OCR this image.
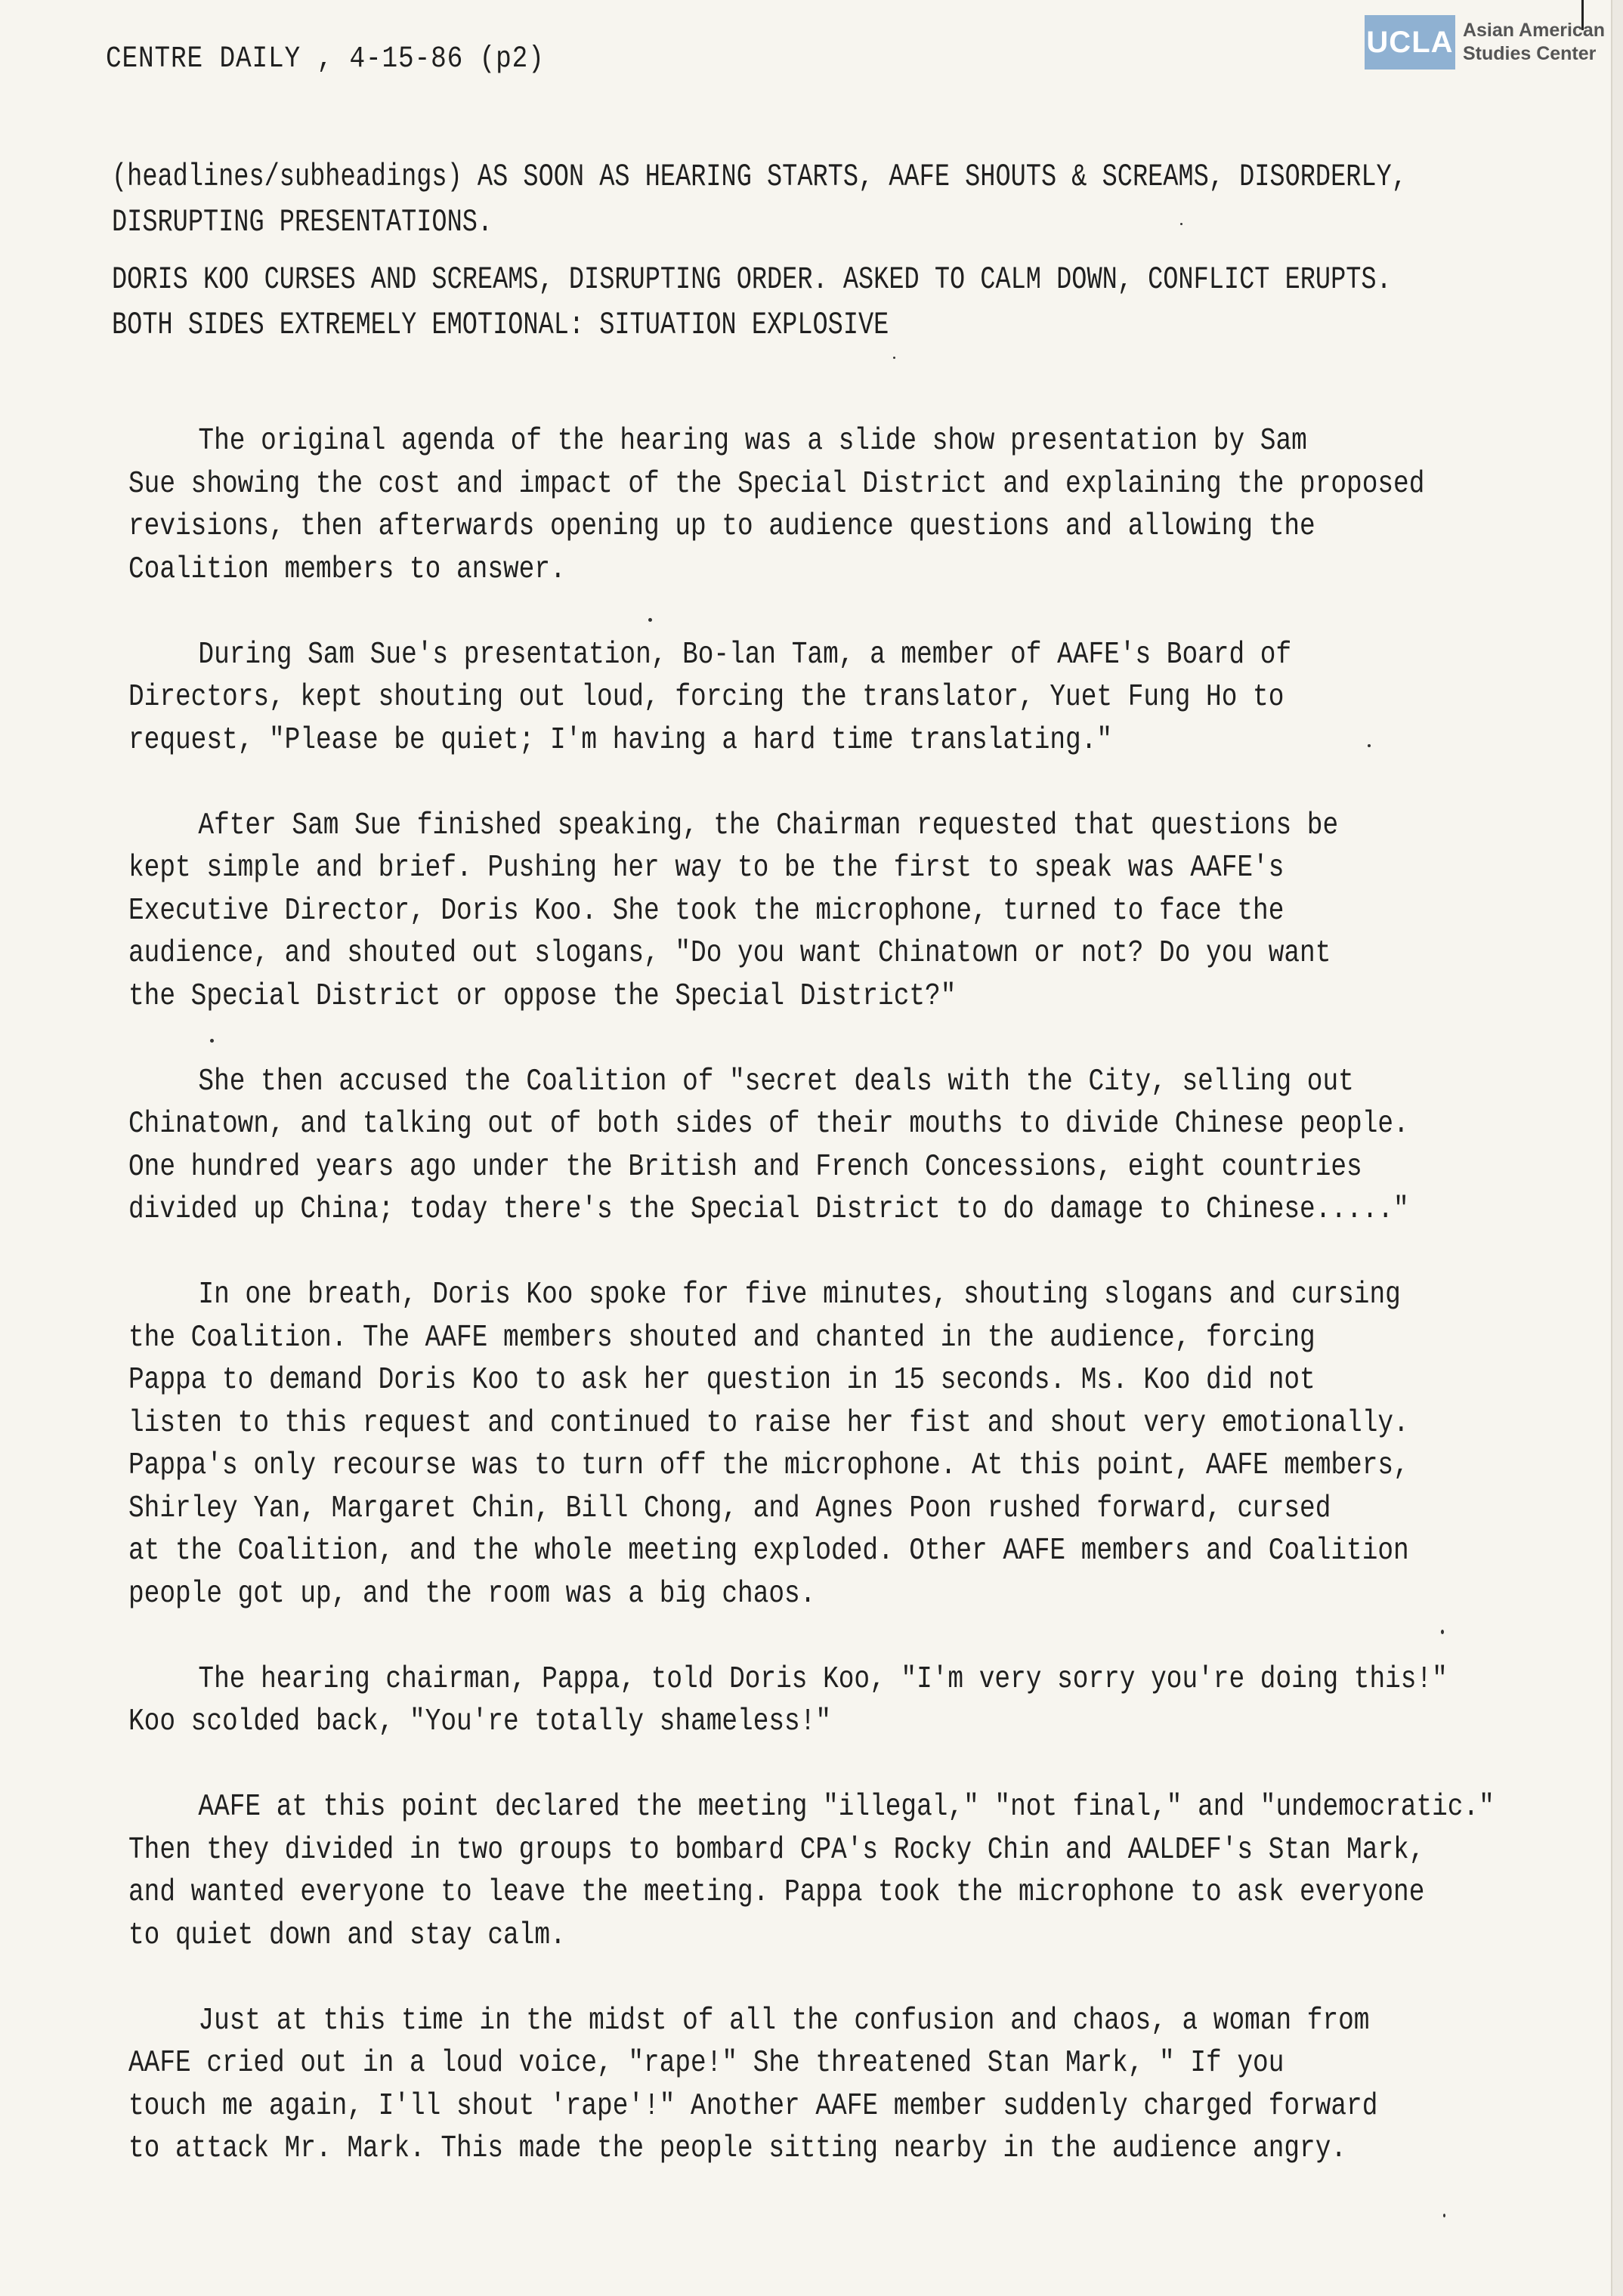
CENTRE DAILY , 4-15-86 (p2)
UCLA Asian American
Studies Center

(headlines/subheadings) AS SOON AS HEARING STARTS, AAFE SHOUTS & SCREAMS, DISORDERLY,

DISRUPTING PRESENTATIONS.

DORIS KOO CURSES AND SCREAMS, DISRUPTING ORDER. ASKED TO CALM DOWN, CONFLICT ERUPTS.

BOTH SIDES EXTREMELY EMOTIONAL: SITUATION EXPLOSIVE

The original agenda of the hearing was a slide show presentation by Sam
Sue showing the cost and impact of the Special District and explaining the proposed
revisions, then afterwards opening up to audience questions and allowing the
Coalition members to answer.
During Sam Sue's presentation, Bo-lan Tam, a member of AAFE's Board of
Directors, kept shouting out loud, forcing the translator, Yuet Fung Ho to
request, "Please be quiet; I'm having a hard time translating."
After Sam Sue finished speaking, the Chairman requested that questions be
kept simple and brief. Pushing her way to be the first to speak was AAFE's
Executive Director, Doris Koo. She took the microphone, turned to face the
audience, and shouted out slogans, "Do you want Chinatown or not? Do you want
the Special District or oppose the Special District?"
She then accused the Coalition of "secret deals with the City, selling out
Chinatown, and talking out of both sides of their mouths to divide Chinese people.
One hundred years ago under the British and French Concessions, eight countries
divided up China; today there's the Special District to do damage to Chinese....."
In one breath, Doris Koo spoke for five minutes, shouting slogans and cursing
the Coalition. The AAFE members shouted and chanted in the audience, forcing
Pappa to demand Doris Koo to ask her question in 15 seconds. Ms. Koo did not
listen to this request and continued to raise her fist and shout very emotionally.
Pappa's only recourse was to turn off the microphone. At this point, AAFE members,
Shirley Yan, Margaret Chin, Bill Chong, and Agnes Poon rushed forward, cursed
at the Coalition, and the whole meeting exploded. Other AAFE members and Coalition
people got up, and the room was a big chaos.
The hearing chairman, Pappa, told Doris Koo, "I'm very sorry you're doing this!"
Koo scolded back, "You're totally shameless!"
AAFE at this point declared the meeting "illegal," "not final," and "undemocratic."
Then they divided in two groups to bombard CPA's Rocky Chin and AALDEF's Stan Mark,
and wanted everyone to leave the meeting. Pappa took the microphone to ask everyone
to quiet down and stay calm.
Just at this time in the midst of all the confusion and chaos, a woman from
AAFE cried out in a loud voice, "rape!" She threatened Stan Mark, " If you
touch me again, I'll shout 'rape'!" Another AAFE member suddenly charged forward
to attack Mr. Mark. This made the people sitting nearby in the audience angry.
